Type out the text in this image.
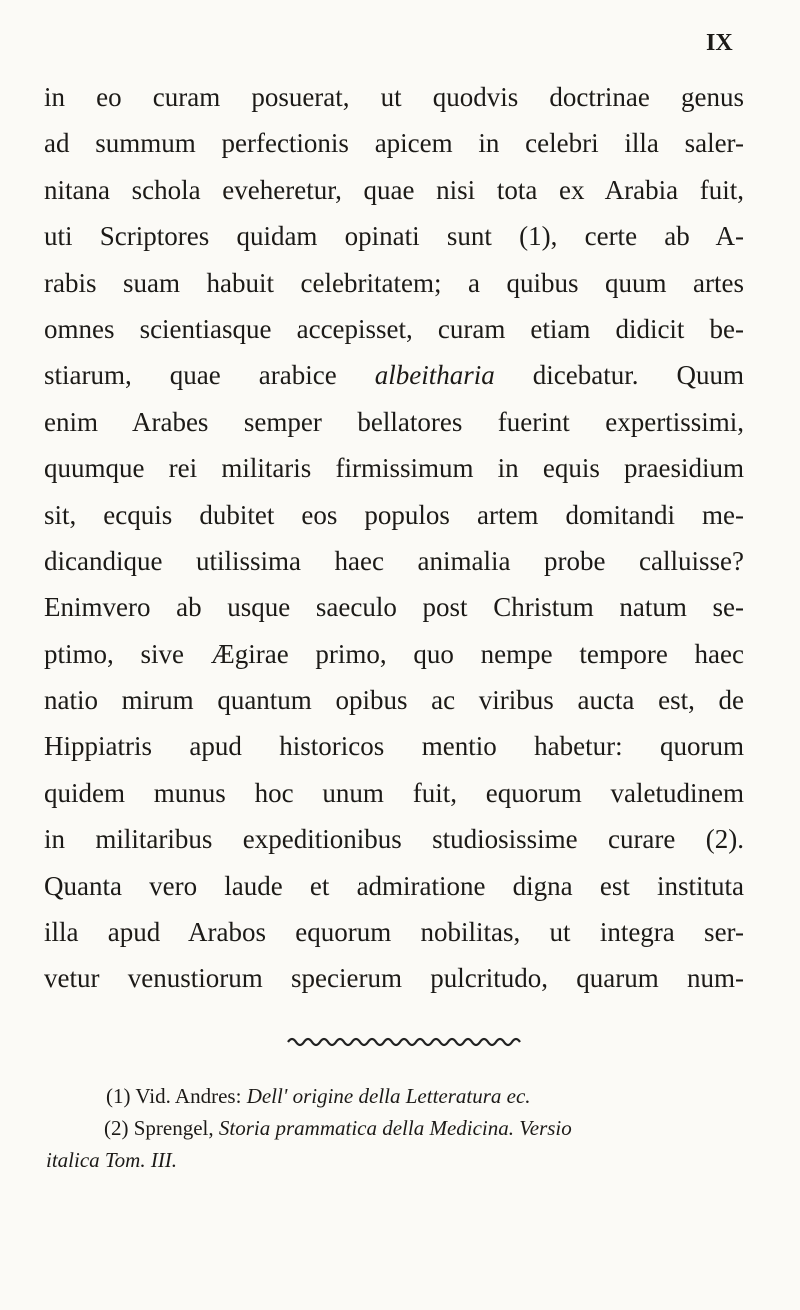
IX
in eo curam posuerat, ut quodvis doctrinae genus
ad summum perfectionis apicem in celebri illa saler-
nitana schola eveheretur, quae nisi tota ex Arabia fuit,
uti Scriptores quidam opinati sunt (1), certe ab A-
rabis suam habuit celebritatem; a quibus quum artes
omnes scientiasque accepisset, curam etiam didicit be-
stiarum, quae arabice albeitharia dicebatur. Quum
enim Arabes semper bellatores fuerint expertissimi,
quumque rei militaris firmissimum in equis praesidium
sit, ecquis dubitet eos populos artem domitandi me-
dicandique utilissima haec animalia probe calluisse?
Enimvero ab usque saeculo post Christum natum se-
ptimo, sive Ægirae primo, quo nempe tempore haec
natio mirum quantum opibus ac viribus aucta est, de
Hippiatris apud historicos mentio habetur: quorum
quidem munus hoc unum fuit, equorum valetudinem
in militaribus expeditionibus studiosissime curare (2).
Quanta vero laude et admiratione digna est instituta
illa apud Arabos equorum nobilitas, ut integra ser-
vetur venustiorum specierum pulcritudo, quarum num-
(1) Vid. Andres: Dell' origine della Letteratura ec.
(2) Sprengel, Storia prammatica della Medicina. Versio
italica Tom. III.
